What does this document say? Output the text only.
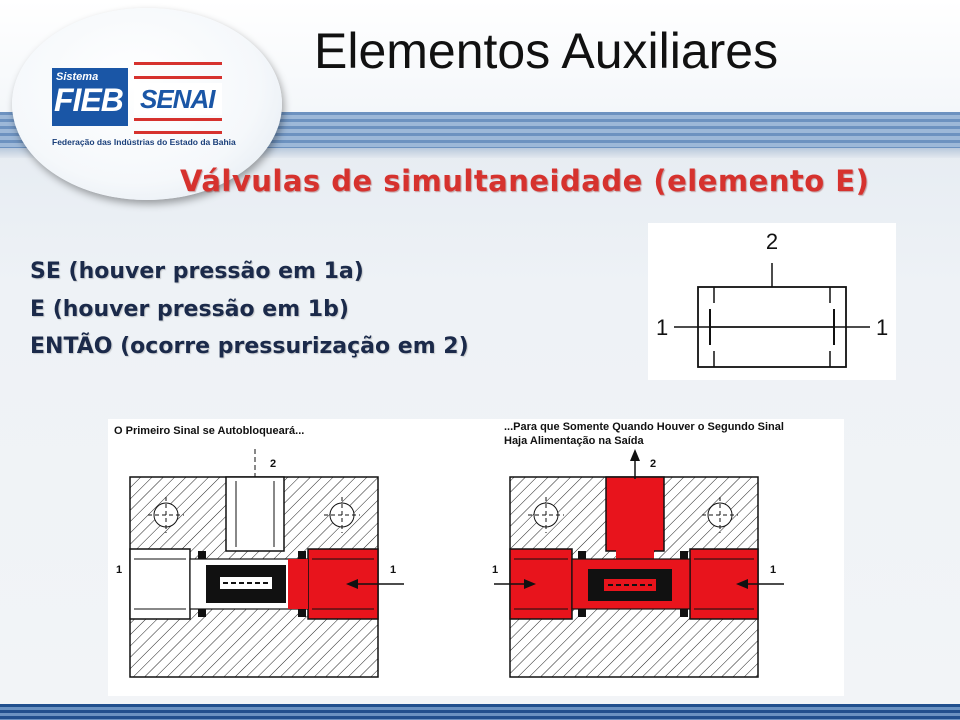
Sistema
FIEB SENAI
Federação das Indústrias do Estado da Bahia
Elementos Auxiliares
Válvulas de simultaneidade (elemento E)
SE (houver pressão em 1a)
E (houver pressão em 1b)
ENTÃO (ocorre pressurização em 2)
2
1	1
O Primeiro Sinal se Autobloqueará...	...Para que Somente Quando Houver o Segundo Sinal
Haja Alimentação na Saída
2
1	1
2
1	1
